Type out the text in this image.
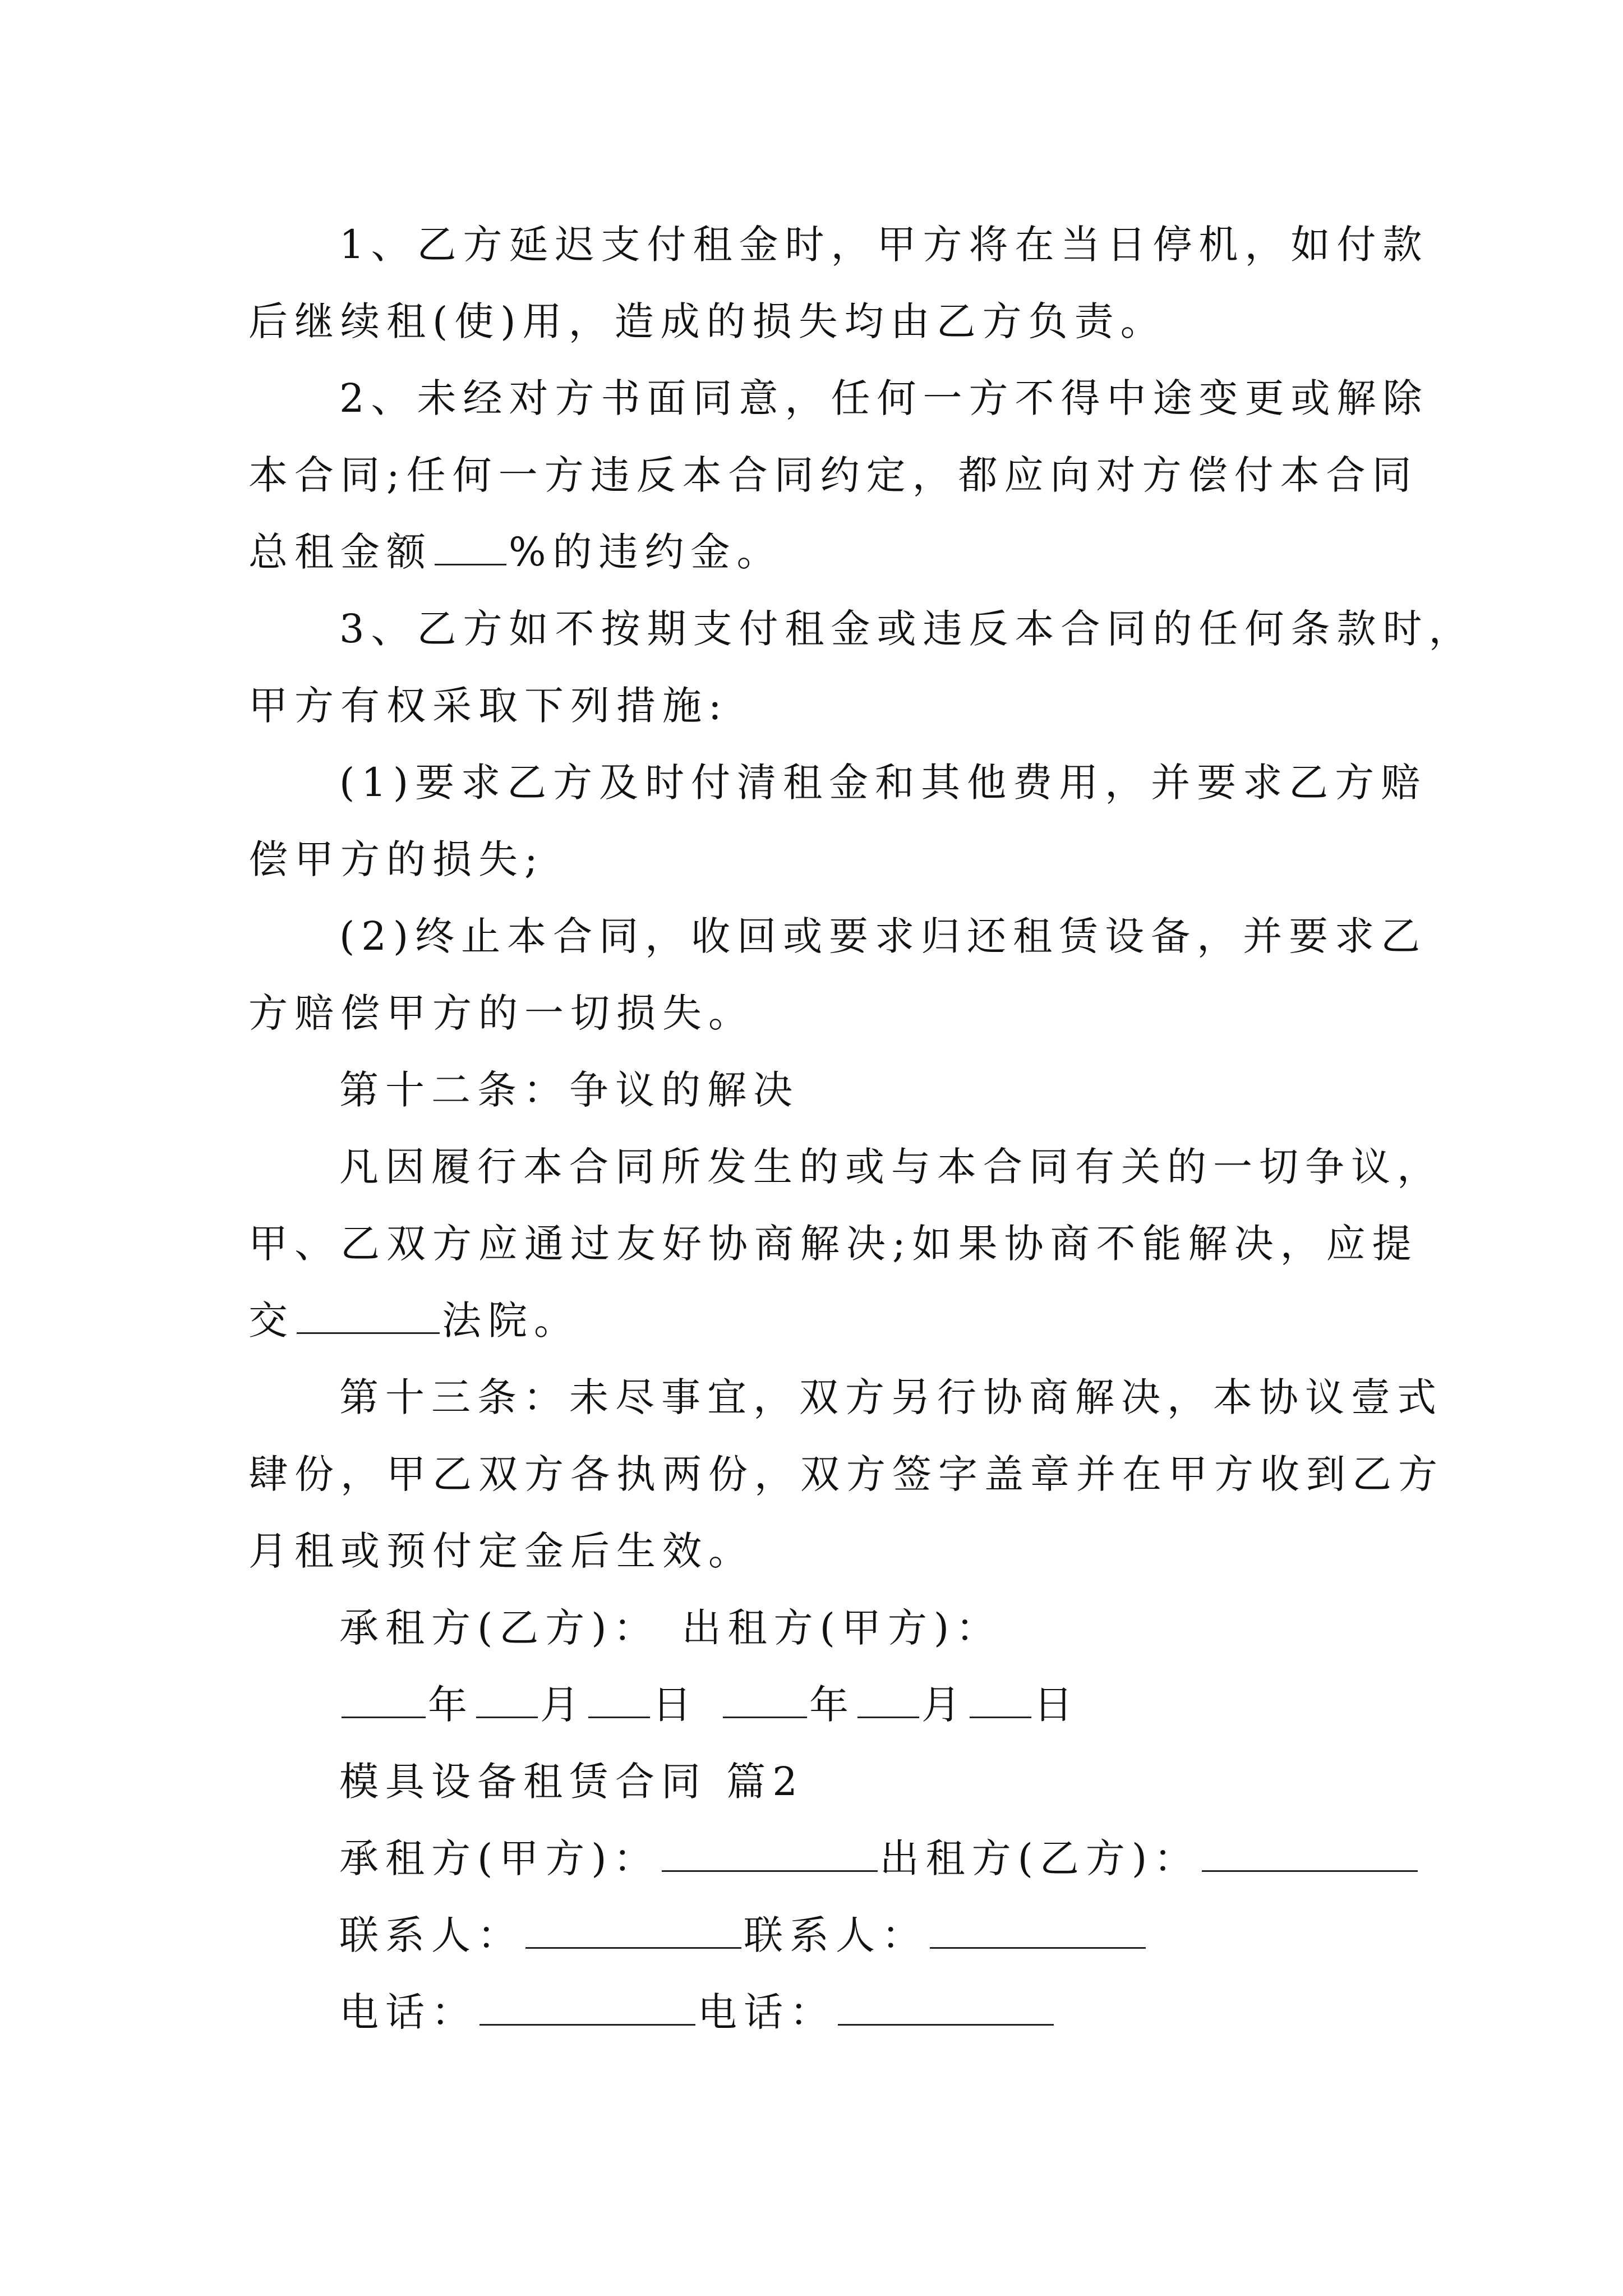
1、乙方延迟支付租金时，甲方将在当日停机，如付款
后继续租(使)用，造成的损失均由乙方负责。
2、未经对方书面同意，任何一方不得中途变更或解除
本合同;任何一方违反本合同约定，都应向对方偿付本合同
总租金额 %的违约金。
3、乙方如不按期支付租金或违反本合同的任何条款时，
甲方有权采取下列措施:
(1)要求乙方及时付清租金和其他费用，并要求乙方赔
偿甲方的损失;
(2)终止本合同，收回或要求归还租赁设备，并要求乙
方赔偿甲方的一切损失。
第十二条：争议的解决
凡因履行本合同所发生的或与本合同有关的一切争议，
甲、乙双方应通过友好协商解决;如果协商不能解决，应提
交	法院。
第十三条：未尽事宜，双方另行协商解决，本协议壹式
肆份，甲乙双方各执两份，双方签字盖章并在甲方收到乙方
月租或预付定金后生效。
承租方(乙方)： 出租方(甲方)：
年 月 日	年 月 日
模具设备租赁合同 篇2
承租方(甲方)：	出租方(乙方)：
联系人：	联系人：
电话：	电话：
